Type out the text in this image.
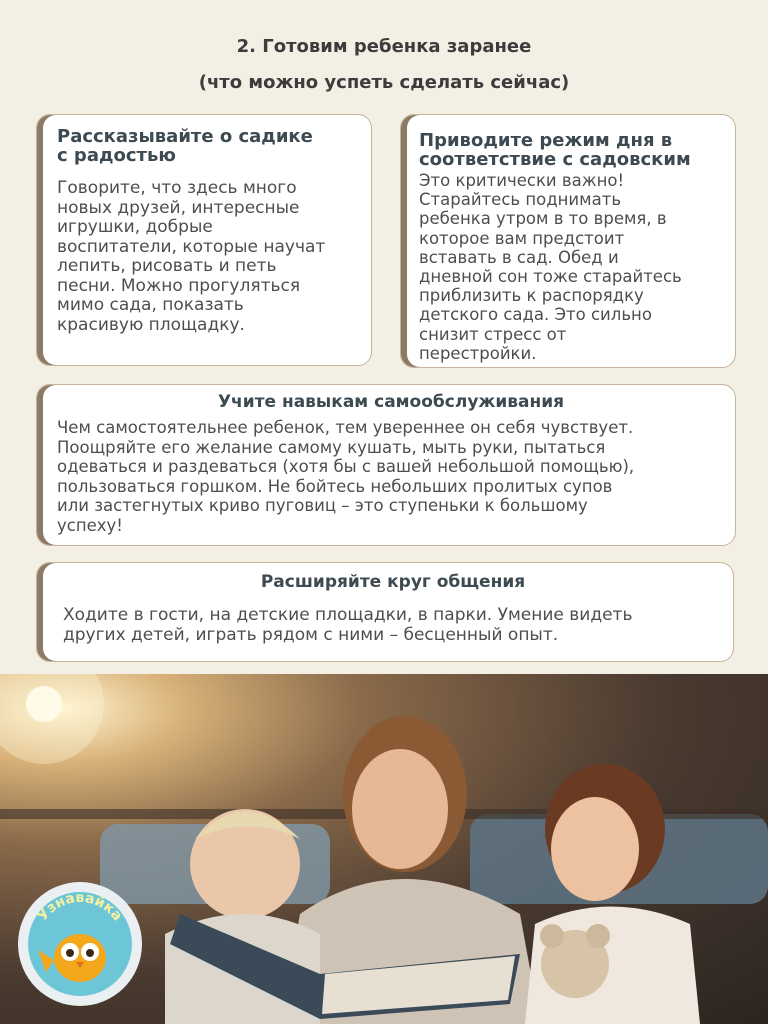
2. Готовим ребенка заранее
(что можно успеть сделать сейчас)
Рассказывайте о садике
с радостью
Говорите, что здесь много
новых друзей, интересные
игрушки, добрые
воспитатели, которые научат
лепить, рисовать и петь
песни. Можно прогуляться
мимо сада, показать
красивую площадку.
Приводите режим дня в
соответствие с садовским
Это критически важно!
Старайтесь поднимать
ребенка утром в то время, в
которое вам предстоит
вставать в сад. Обед и
дневной сон тоже старайтесь
приблизить к распорядку
детского сада. Это сильно
снизит стресс от
перестройки.
Учите навыкам самообслуживания
Чем самостоятельнее ребенок, тем увереннее он себя чувствует.
Поощряйте его желание самому кушать, мыть руки, пытаться
одеваться и раздеваться (хотя бы с вашей небольшой помощью),
пользоваться горшком. Не бойтесь небольших пролитых супов
или застегнутых криво пуговиц – это ступеньки к большому
успеху!
Расширяйте круг общения
Ходите в гости, на детские площадки, в парки. Умение видеть
других детей, играть рядом с ними – бесценный опыт.
Узнавайка
